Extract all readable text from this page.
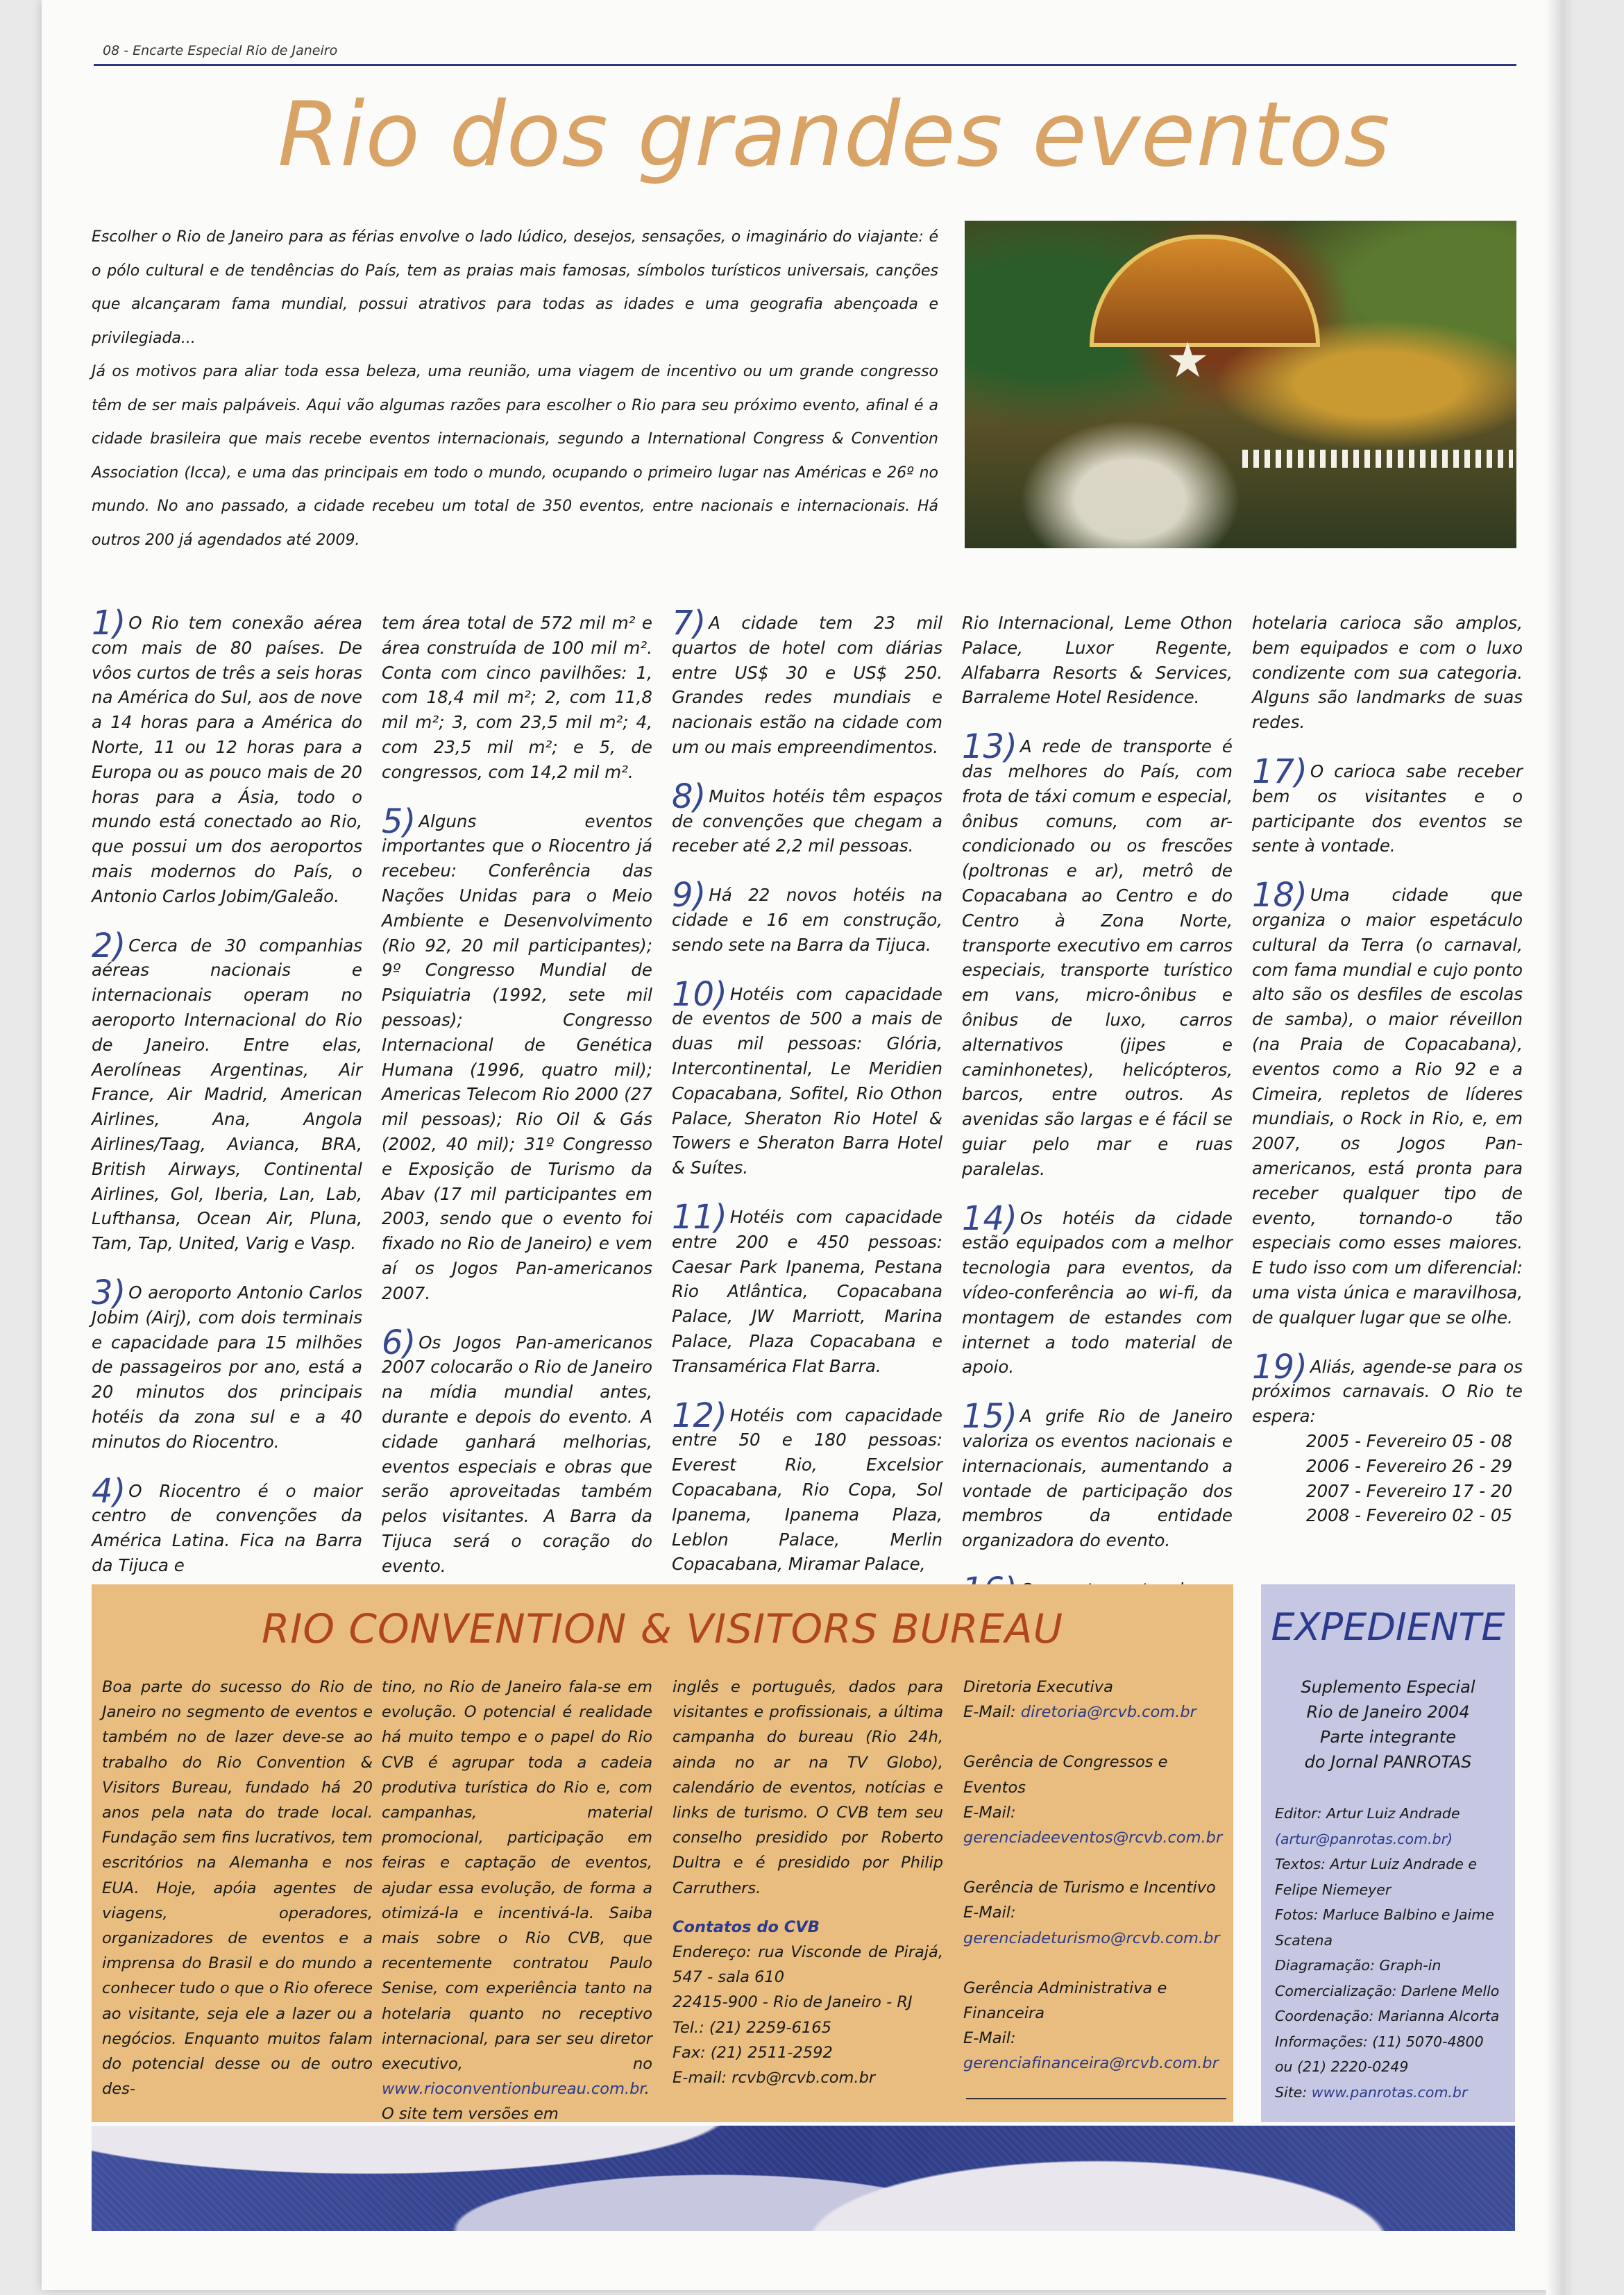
08 - Encarte Especial Rio de Janeiro
Rio dos grandes eventos

Escolher o Rio de Janeiro para as férias envolve o lado lúdico, desejos, sensações, o imaginário do viajante: é o pólo cultural e de tendências do País, tem as praias mais famosas, símbolos turísticos universais, canções que alcançaram fama mundial, possui atrativos para todas as idades e uma geografia abençoada e privilegiada...

Já os motivos para aliar toda essa beleza, uma reunião, uma viagem de incentivo ou um grande congresso têm de ser mais palpáveis. Aqui vão algumas razões para escolher o Rio para seu próximo evento, afinal é a cidade brasileira que mais recebe eventos internacionais, segundo a International Congress & Convention Association (Icca), e uma das principais em todo o mundo, ocupando o primeiro lugar nas Américas e 26º no mundo. No ano passado, a cidade recebeu um total de 350 eventos, entre nacionais e internacionais. Há outros 200 já agendados até 2009.

★

1) O Rio tem conexão aérea com mais de 80 países. De vôos curtos de três a seis horas na América do Sul, aos de nove a 14 horas para a América do Norte, 11 ou 12 horas para a Europa ou as pouco mais de 20 horas para a Ásia, todo o mundo está conectado ao Rio, que possui um dos aeroportos mais modernos do País, o Antonio Carlos Jobim/Galeão.

2) Cerca de 30 companhias aéreas nacionais e internacionais operam no aeroporto Internacional do Rio de Janeiro. Entre elas, Aerolíneas Argentinas, Air France, Air Madrid, American Airlines, Ana, Angola Airlines/Taag, Avianca, BRA, British Airways, Continental Airlines, Gol, Iberia, Lan, Lab, Lufthansa, Ocean Air, Pluna, Tam, Tap, United, Varig e Vasp.

3) O aeroporto Antonio Carlos Jobim (Airj), com dois terminais e capacidade para 15 milhões de passageiros por ano, está a 20 minutos dos principais hotéis da zona sul e a 40 minutos do Riocentro.

4) O Riocentro é o maior centro de convenções da América Latina. Fica na Barra da Tijuca e

tem área total de 572 mil m² e área construída de 100 mil m². Conta com cinco pavilhões: 1, com 18,4 mil m²; 2, com 11,8 mil m²; 3, com 23,5 mil m²; 4, com 23,5 mil m²; e 5, de congressos, com 14,2 mil m².

5) Alguns eventos importantes que o Riocentro já recebeu: Conferência das Nações Unidas para o Meio Ambiente e Desenvolvimento (Rio 92, 20 mil participantes); 9º Congresso Mundial de Psiquiatria (1992, sete mil pessoas); Congresso Internacional de Genética Humana (1996, quatro mil); Americas Telecom Rio 2000 (27 mil pessoas); Rio Oil & Gás (2002, 40 mil); 31º Congresso e Exposição de Turismo da Abav (17 mil participantes em 2003, sendo que o evento foi fixado no Rio de Janeiro) e vem aí os Jogos Pan-americanos 2007.

6) Os Jogos Pan-americanos 2007 colocarão o Rio de Janeiro na mídia mundial antes, durante e depois do evento. A cidade ganhará melhorias, eventos especiais e obras que serão aproveitadas também pelos visitantes. A Barra da Tijuca será o coração do evento.

7) A cidade tem 23 mil quartos de hotel com diárias entre US$ 30 e US$ 250. Grandes redes mundiais e nacionais estão na cidade com um ou mais empreendimentos.

8) Muitos hotéis têm espaços de convenções que chegam a receber até 2,2 mil pessoas.

9) Há 22 novos hotéis na cidade e 16 em construção, sendo sete na Barra da Tijuca.

10) Hotéis com capacidade de eventos de 500 a mais de duas mil pessoas: Glória, Intercontinental, Le Meridien Copacabana, Sofitel, Rio Othon Palace, Sheraton Rio Hotel & Towers e Sheraton Barra Hotel & Suítes.

11) Hotéis com capacidade entre 200 e 450 pessoas: Caesar Park Ipanema, Pestana Rio Atlântica, Copacabana Palace, JW Marriott, Marina Palace, Plaza Copacabana e Transamérica Flat Barra.

12) Hotéis com capacidade entre 50 e 180 pessoas: Everest Rio, Excelsior Copacabana, Rio Copa, Sol Ipanema, Ipanema Plaza, Leblon Palace, Merlin Copacabana, Miramar Palace,

Rio Internacional, Leme Othon Palace, Luxor Regente, Alfabarra Resorts & Services, Barraleme Hotel Residence.

13) A rede de transporte é das melhores do País, com frota de táxi comum e especial, ônibus comuns, com ar-condicionado ou os frescões (poltronas e ar), metrô de Copacabana ao Centro e do Centro à Zona Norte, transporte executivo em carros especiais, transporte turístico em vans, micro-ônibus e ônibus de luxo, carros alternativos (jipes e caminhonetes), helicópteros, barcos, entre outros. As avenidas são largas e é fácil se guiar pelo mar e ruas paralelas.

14) Os hotéis da cidade estão equipados com a melhor tecnologia para eventos, da vídeo-conferência ao wi-fi, da montagem de estandes com internet a todo material de apoio.

15) A grife Rio de Janeiro valoriza os eventos nacionais e internacionais, aumentando a vontade de participação dos membros da entidade organizadora do evento.

hotelaria carioca são amplos, bem equipados e com o luxo condizente com sua categoria. Alguns são landmarks de suas redes.

17) O carioca sabe receber bem os visitantes e o participante dos eventos se sente à vontade.

18) Uma cidade que organiza o maior espetáculo cultural da Terra (o carnaval, com fama mundial e cujo ponto alto são os desfiles de escolas de samba), o maior réveillon (na Praia de Copacabana), eventos como a Rio 92 e a Cimeira, repletos de líderes mundiais, o Rock in Rio, e, em 2007, os Jogos Pan-americanos, está pronta para receber qualquer tipo de evento, tornando-o tão especiais como esses maiores. E tudo isso com um diferencial: uma vista única e maravilhosa, de qualquer lugar que se olhe.

19) Aliás, agende-se para os próximos carnavais. O Rio te espera:

2005 - Fevereiro 05 - 08
2006 - Fevereiro 26 - 29
2007 - Fevereiro 17 - 20
2008 - Fevereiro 02 - 05
RIO CONVENTION & VISITORS BUREAU

Boa parte do sucesso do Rio de Janeiro no segmento de eventos e também no de lazer deve-se ao trabalho do Rio Convention & Visitors Bureau, fundado há 20 anos pela nata do trade local. Fundação sem fins lucrativos, tem escritórios na Alemanha e nos EUA. Hoje, apóia agentes de viagens, operadores, organizadores de eventos e a imprensa do Brasil e do mundo a conhecer tudo o que o Rio oferece ao visitante, seja ele a lazer ou a negócios. Enquanto muitos falam do potencial desse ou de outro des-

tino, no Rio de Janeiro fala-se em evolução. O potencial é realidade há muito tempo e o papel do Rio CVB é agrupar toda a cadeia produtiva turística do Rio e, com campanhas, material promocional, participação em feiras e captação de eventos, ajudar essa evolução, de forma a otimizá-la e incentivá-la. Saiba mais sobre o Rio CVB, que recentemente contratou Paulo Senise, com experiência tanto na hotelaria quanto no receptivo internacional, para ser seu diretor executivo, no www.rioconventionbureau.com.br. O site tem versões em

inglês e português, dados para visitantes e profissionais, a última campanha do bureau (Rio 24h, ainda no ar na TV Globo), calendário de eventos, notícias e links de turismo. O CVB tem seu conselho presidido por Roberto Dultra e é presidido por Philip Carruthers.

Contatos do CVB
Endereço: rua Visconde de Pirajá, 547 - sala 610
22415-900 - Rio de Janeiro - RJ
Tel.: (21) 2259-6165
Fax: (21) 2511-2592
E-mail: rcvb@rcvb.com.br
Diretoria Executiva
E-Mail: diretoria@rcvb.com.br
Gerência de Congressos e Eventos
E-Mail: gerenciadeeventos@rcvb.com.br
Gerência de Turismo e Incentivo
E-Mail: gerenciadeturismo@rcvb.com.br
Gerência Administrativa e Financeira
E-Mail: gerenciafinanceira@rcvb.com.br
EXPEDIENTE
Suplemento Especial
Rio de Janeiro 2004
Parte integrante
do Jornal PANROTAS
Editor: Artur Luiz Andrade
(artur@panrotas.com.br)
Textos: Artur Luiz Andrade e Felipe Niemeyer
Fotos: Marluce Balbino e Jaime Scatena
Diagramação: Graph-in
Comercialização: Darlene Mello
Coordenação: Marianna Alcorta
Informações: (11) 5070-4800 ou (21) 2220-0249
Site: www.panrotas.com.br
